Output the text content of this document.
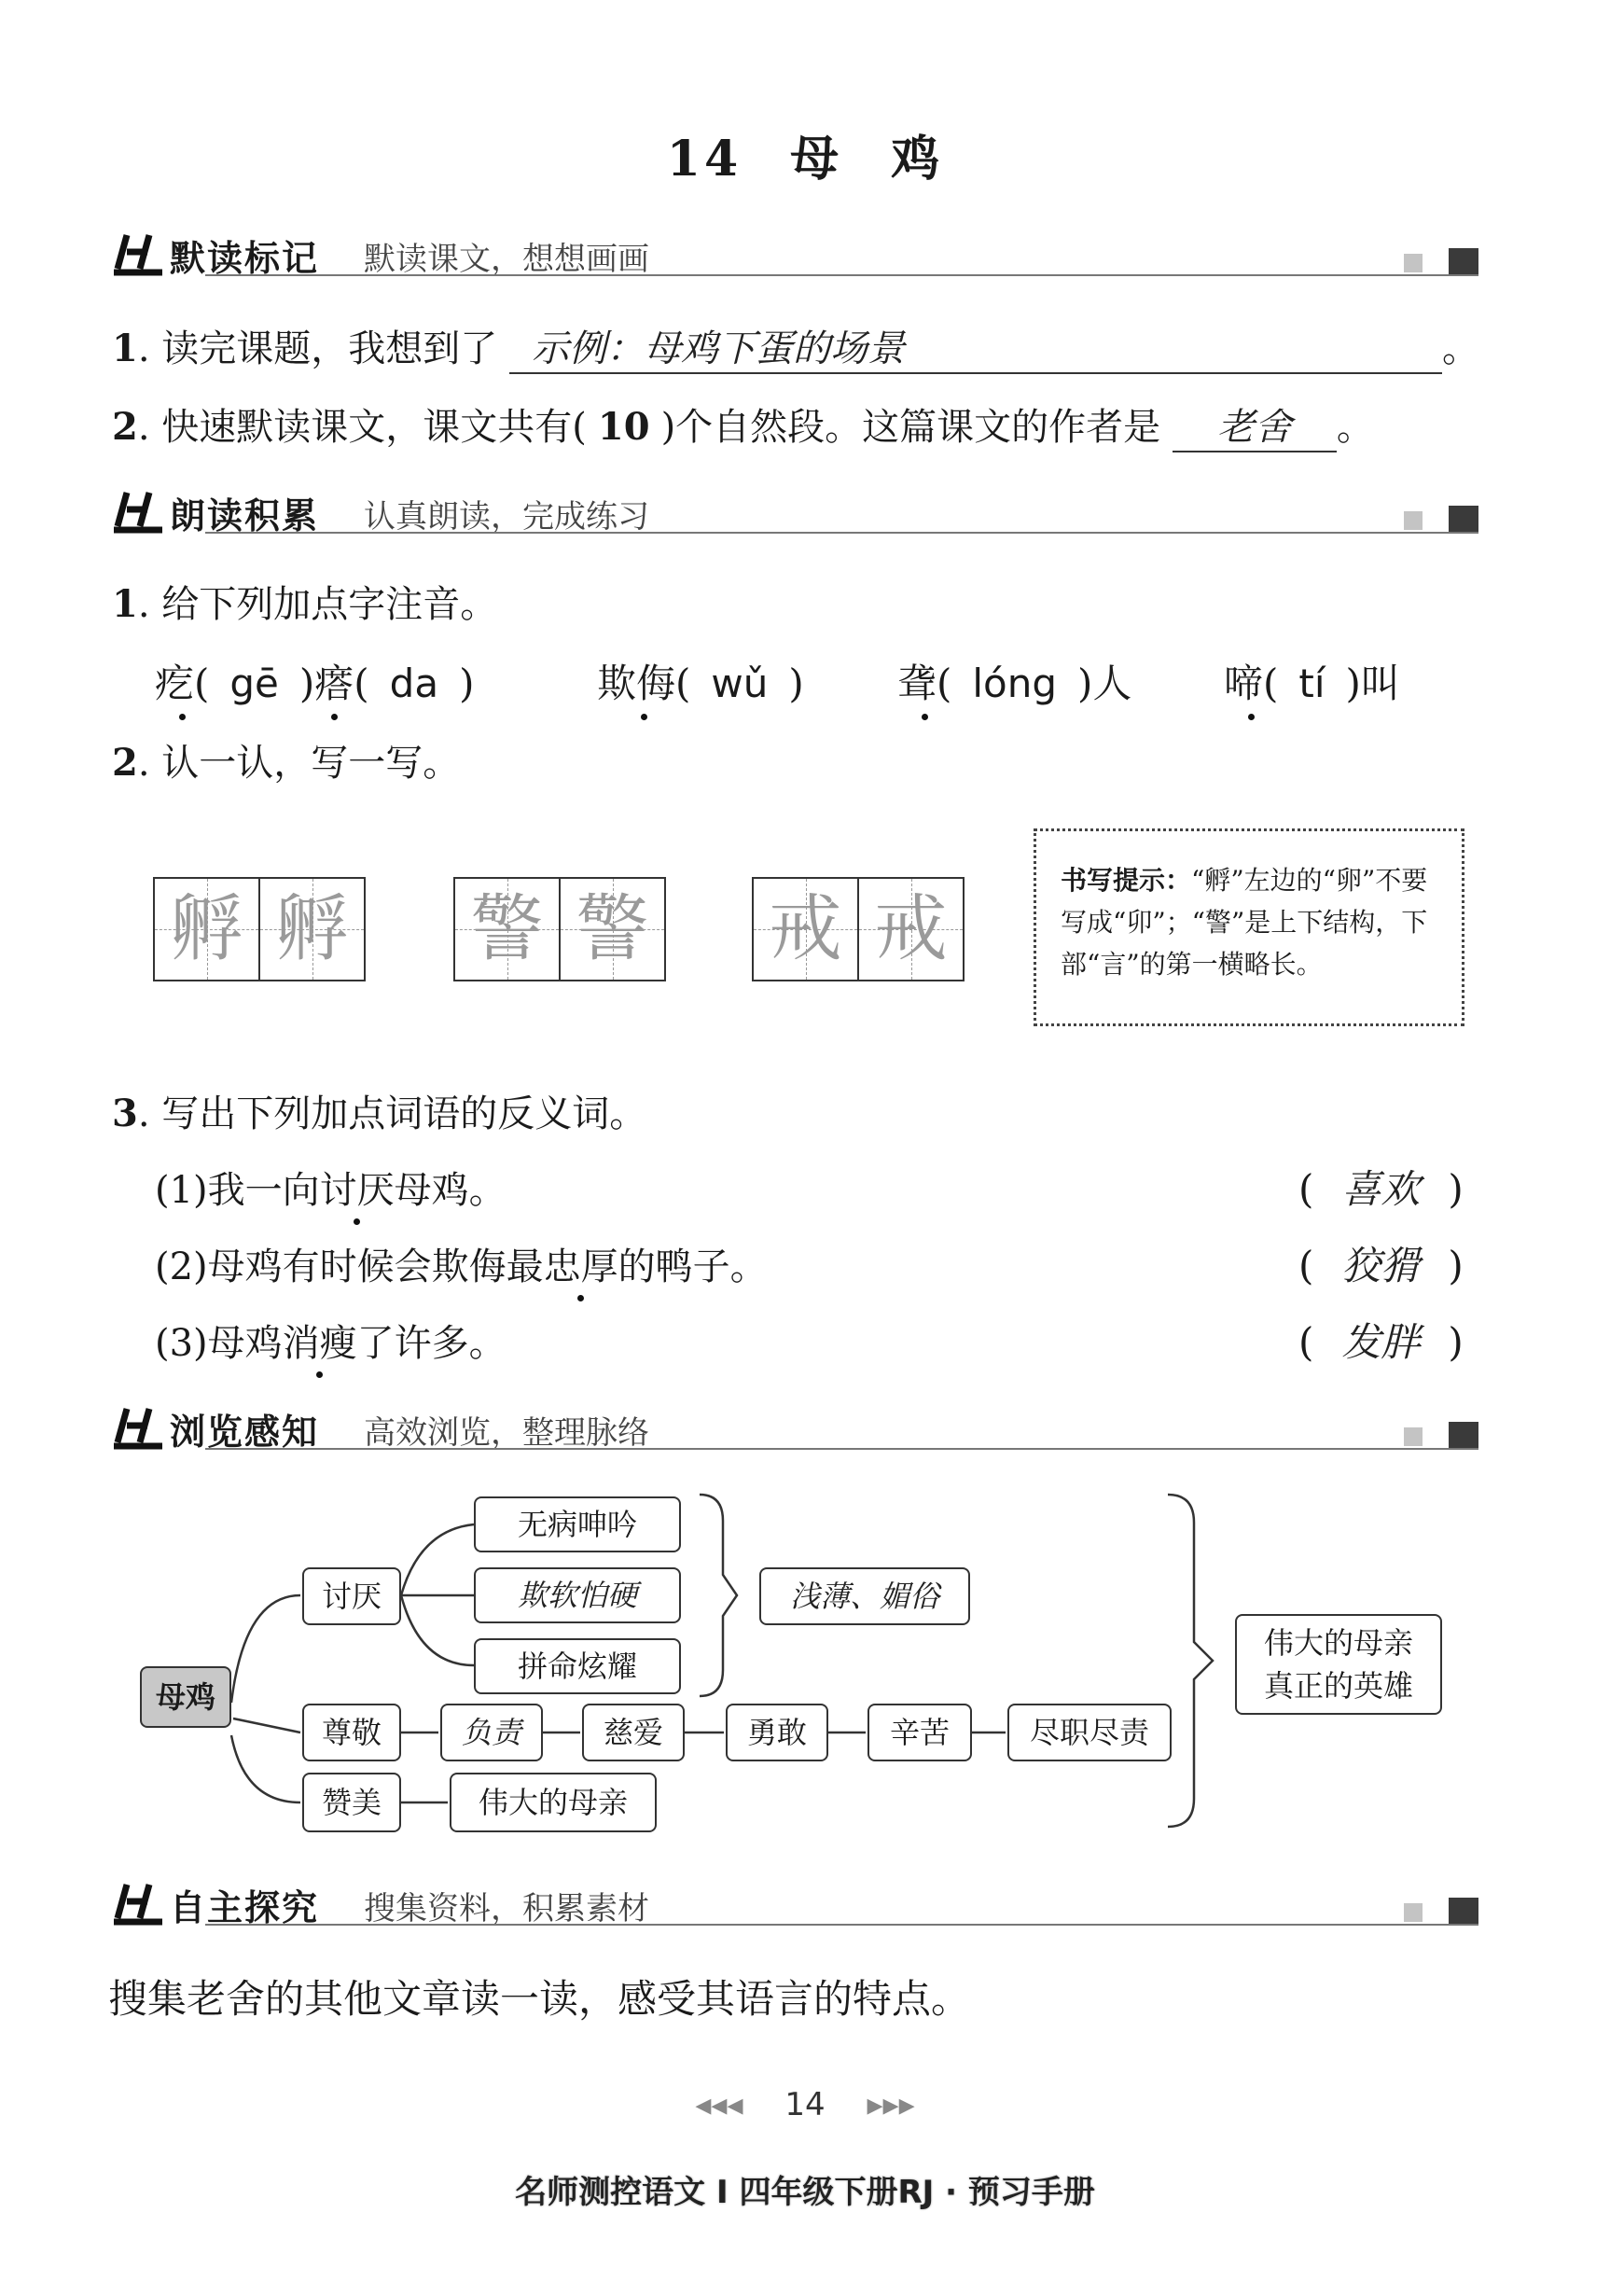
14 母 鸡
默读标记 默读课文，想想画画
1. 读完课题，我想到了 示例：母鸡下蛋的场景	。
2. 快速默读课文，课文共有( 10 )个自然段。这篇课文的作者是 老舍 。
朗读积累 认真朗读，完成练习
1. 给下列加点字注音。
疙( gē )瘩( da )	欺侮( wǔ ) 聋( lóng )人 啼( tí )叫
2. 认一认，写一写。
孵 孵 警 警 戒 戒
书写提示：“孵”左边的“卵”不要写成“卯”；“警”是上下结构，下部“言”的第一横略长。
3. 写出下列加点词语的反义词。
(1)我一向讨厌母鸡。	( 喜欢 )
(2)母鸡有时候会欺侮最忠厚的鸭子。	( 狡猾 )
(3)母鸡消瘦了许多。	( 发胖 )
浏览感知 高效浏览，整理脉络
母鸡
讨厌
无病呻吟
欺软怕硬
拼命炫耀
浅薄、媚俗
尊敬	负责	慈爱	勇敢	辛苦	尽职尽责
赞美	伟大的母亲
伟大的母亲
真正的英雄
自主探究 搜集资料，积累素材
搜集老舍的其他文章读一读，感受其语言的特点。
◂◂◂ 14 ▸▸▸
名师测控语文 I 四年级下册RJ · 预习手册
